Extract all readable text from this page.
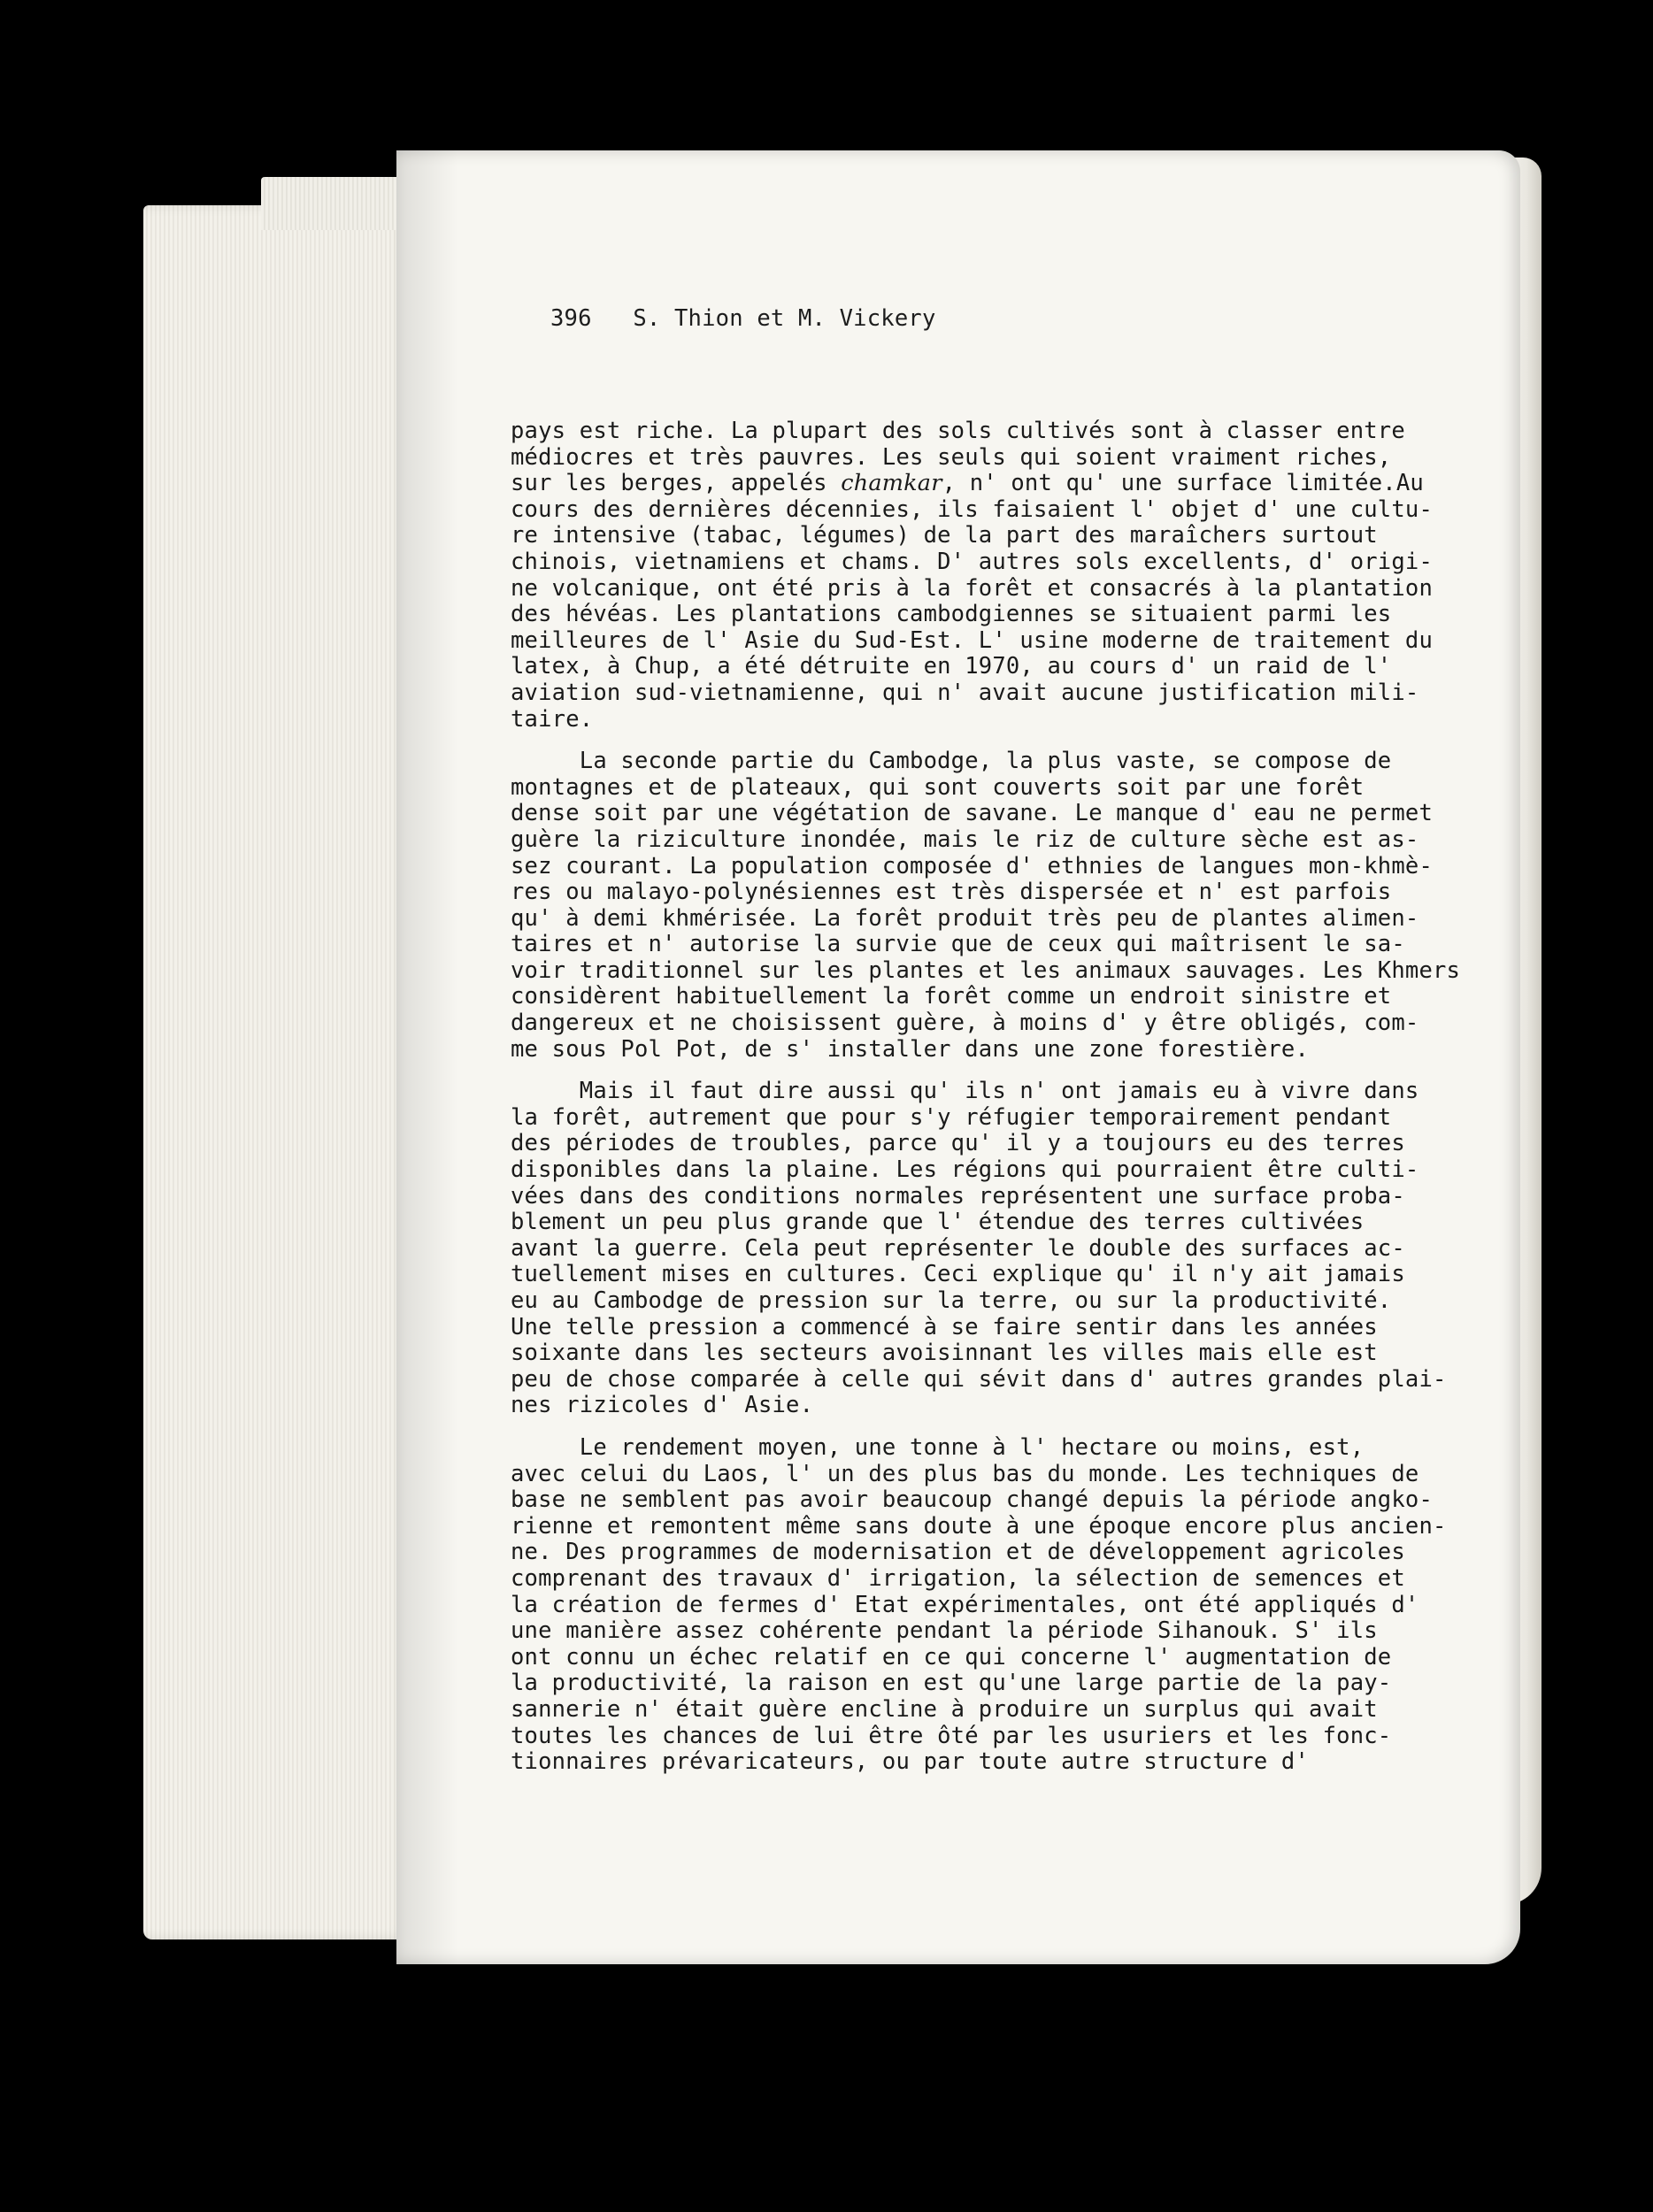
396 S. Thion et M. Vickery
pays est riche. La plupart des sols cultivés sont à classer entre
médiocres et très pauvres. Les seuls qui soient vraiment riches,
sur les berges, appelés chamkar, n' ont qu' une surface limitée.Au
cours des dernières décennies, ils faisaient l' objet d' une cultu-
re intensive (tabac, légumes) de la part des maraîchers surtout
chinois, vietnamiens et chams. D' autres sols excellents, d' origi-
ne volcanique, ont été pris à la forêt et consacrés à la plantation
des hévéas. Les plantations cambodgiennes se situaient parmi les
meilleures de l' Asie du Sud-Est. L' usine moderne de traitement du
latex, à Chup, a été détruite en 1970, au cours d' un raid de l'
aviation sud-vietnamienne, qui n' avait aucune justification mili-
taire.
La seconde partie du Cambodge, la plus vaste, se compose de
montagnes et de plateaux, qui sont couverts soit par une forêt
dense soit par une végétation de savane. Le manque d' eau ne permet
guère la riziculture inondée, mais le riz de culture sèche est as-
sez courant. La population composée d' ethnies de langues mon-khmè-
res ou malayo-polynésiennes est très dispersée et n' est parfois
qu' à demi khmérisée. La forêt produit très peu de plantes alimen-
taires et n' autorise la survie que de ceux qui maîtrisent le sa-
voir traditionnel sur les plantes et les animaux sauvages. Les Khmers
considèrent habituellement la forêt comme un endroit sinistre et
dangereux et ne choisissent guère, à moins d' y être obligés, com-
me sous Pol Pot, de s' installer dans une zone forestière.
Mais il faut dire aussi qu' ils n' ont jamais eu à vivre dans
la forêt, autrement que pour s'y réfugier temporairement pendant
des périodes de troubles, parce qu' il y a toujours eu des terres
disponibles dans la plaine. Les régions qui pourraient être culti-
vées dans des conditions normales représentent une surface proba-
blement un peu plus grande que l' étendue des terres cultivées
avant la guerre. Cela peut représenter le double des surfaces ac-
tuellement mises en cultures. Ceci explique qu' il n'y ait jamais
eu au Cambodge de pression sur la terre, ou sur la productivité.
Une telle pression a commencé à se faire sentir dans les années
soixante dans les secteurs avoisinnant les villes mais elle est
peu de chose comparée à celle qui sévit dans d' autres grandes plai-
nes rizicoles d' Asie.
Le rendement moyen, une tonne à l' hectare ou moins, est,
avec celui du Laos, l' un des plus bas du monde. Les techniques de
base ne semblent pas avoir beaucoup changé depuis la période angko-
rienne et remontent même sans doute à une époque encore plus ancien-
ne. Des programmes de modernisation et de développement agricoles
comprenant des travaux d' irrigation, la sélection de semences et
la création de fermes d' Etat expérimentales, ont été appliqués d'
une manière assez cohérente pendant la période Sihanouk. S' ils
ont connu un échec relatif en ce qui concerne l' augmentation de
la productivité, la raison en est qu'une large partie de la pay-
sannerie n' était guère encline à produire un surplus qui avait
toutes les chances de lui être ôté par les usuriers et les fonc-
tionnaires prévaricateurs, ou par toute autre structure d'
